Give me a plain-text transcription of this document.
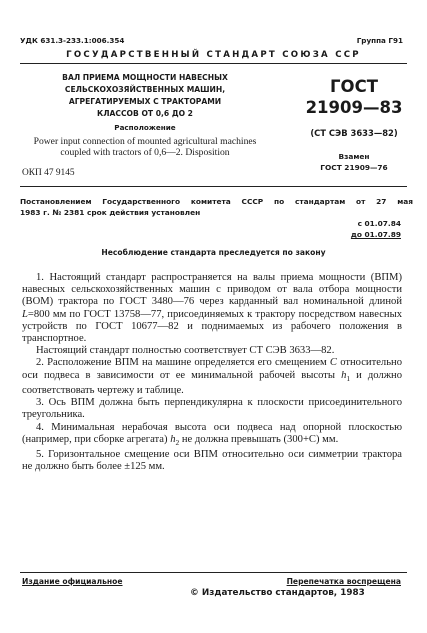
УДК 631.3-233.1:006.354	Группа Г91
ГОСУДАРСТВЕННЫЙ СТАНДАРТ СОЮЗА ССР
ВАЛ ПРИЕМА МОЩНОСТИ НАВЕСНЫХ
СЕЛЬСКОХОЗЯЙСТВЕННЫХ МАШИН,
АГРЕГАТИРУЕМЫХ С ТРАКТОРАМИ
КЛАССОВ ОТ 0,6 ДО 2
Расположение
Power input connection of mounted agricultural machines
coupled with tractors of 0,6—2. Disposition
ОКП 47 9145
ГОСТ
21909—83
(СТ СЭВ 3633—82)
Взамен
ГОСТ 21909—76
Постановлением Государственного комитета СССР по стандартам от 27 мая
1983 г. № 2381 срок действия установлен
с 01.07.84
до 01.07.89
Несоблюдение стандарта преследуется по закону

1. Настоящий стандарт распространяется на валы приема мощности (ВПМ) навесных сельскохозяйственных машин с приводом от вала отбора мощности (ВОМ) трактора по ГОСТ 3480—76 через карданный вал номинальной длиной L=800 мм по ГОСТ 13758—77, присоединяемых к трактору посредством навесных устройств по ГОСТ 10677—82 и поднимаемых из рабочего положения в транспортное.

Настоящий стандарт полностью соответствует СТ СЭВ 3633—82.

2. Расположение ВПМ на машине определяется его смещением C относительно оси подвеса в зависимости от ее минимальной рабочей высоты $h_1$ и должно соответствовать чертежу и таблице.

3. Ось ВПМ должна быть перпендикулярна к плоскости присоединительного треугольника.

4. Минимальная нерабочая высота оси подвеса над опорной плоскостью (например, при сборке агрегата) $h_2$ не должна превышать (300+C) мм.

5. Горизонтальное смещение оси ВПМ относительно оси симметрии трактора не должно быть более ±125 мм.

Издание официальное	Перепечатка воспрещена
© Издательство стандартов, 1983
